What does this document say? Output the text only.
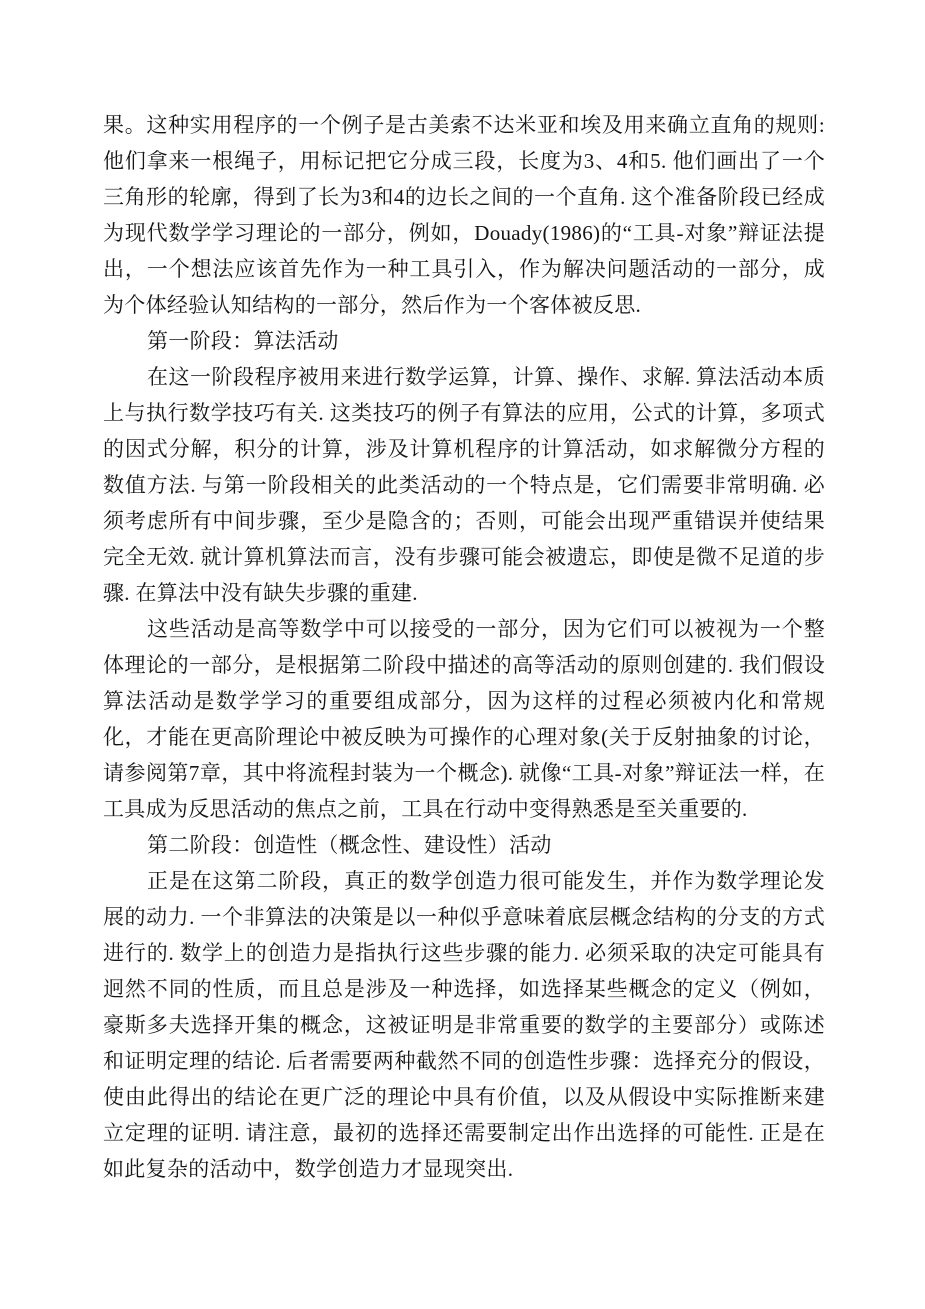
果。这种实用程序的一个例子是古美索不达米亚和埃及用来确立直角的规则:他们拿来一根绳子，用标记把它分成三段，长度为3、4和5. 他们画出了一个三角形的轮廓，得到了长为3和4的边长之间的一个直角. 这个准备阶段已经成为现代数学学习理论的一部分，例如，Douady(1986)的“工具-对象”辩证法提出，一个想法应该首先作为一种工具引入，作为解决问题活动的一部分，成为个体经验认知结构的一部分，然后作为一个客体被反思.

第一阶段：算法活动

在这一阶段程序被用来进行数学运算，计算、操作、求解. 算法活动本质上与执行数学技巧有关. 这类技巧的例子有算法的应用，公式的计算，多项式的因式分解，积分的计算，涉及计算机程序的计算活动，如求解微分方程的数值方法. 与第一阶段相关的此类活动的一个特点是，它们需要非常明确. 必须考虑所有中间步骤，至少是隐含的；否则，可能会出现严重错误并使结果完全无效. 就计算机算法而言，没有步骤可能会被遗忘，即使是微不足道的步骤. 在算法中没有缺失步骤的重建.

这些活动是高等数学中可以接受的一部分，因为它们可以被视为一个整体理论的一部分，是根据第二阶段中描述的高等活动的原则创建的. 我们假设算法活动是数学学习的重要组成部分，因为这样的过程必须被内化和常规化，才能在更高阶理论中被反映为可操作的心理对象(关于反射抽象的讨论，请参阅第7章，其中将流程封装为一个概念). 就像“工具-对象”辩证法一样，在工具成为反思活动的焦点之前，工具在行动中变得熟悉是至关重要的.

第二阶段：创造性（概念性、建设性）活动

正是在这第二阶段，真正的数学创造力很可能发生，并作为数学理论发展的动力. 一个非算法的决策是以一种似乎意味着底层概念结构的分支的方式进行的. 数学上的创造力是指执行这些步骤的能力. 必须采取的决定可能具有迥然不同的性质，而且总是涉及一种选择，如选择某些概念的定义（例如，豪斯多夫选择开集的概念，这被证明是非常重要的数学的主要部分）或陈述和证明定理的结论. 后者需要两种截然不同的创造性步骤：选择充分的假设，使由此得出的结论在更广泛的理论中具有价值，以及从假设中实际推断来建立定理的证明. 请注意，最初的选择还需要制定出作出选择的可能性. 正是在如此复杂的活动中，数学创造力才显现突出.
